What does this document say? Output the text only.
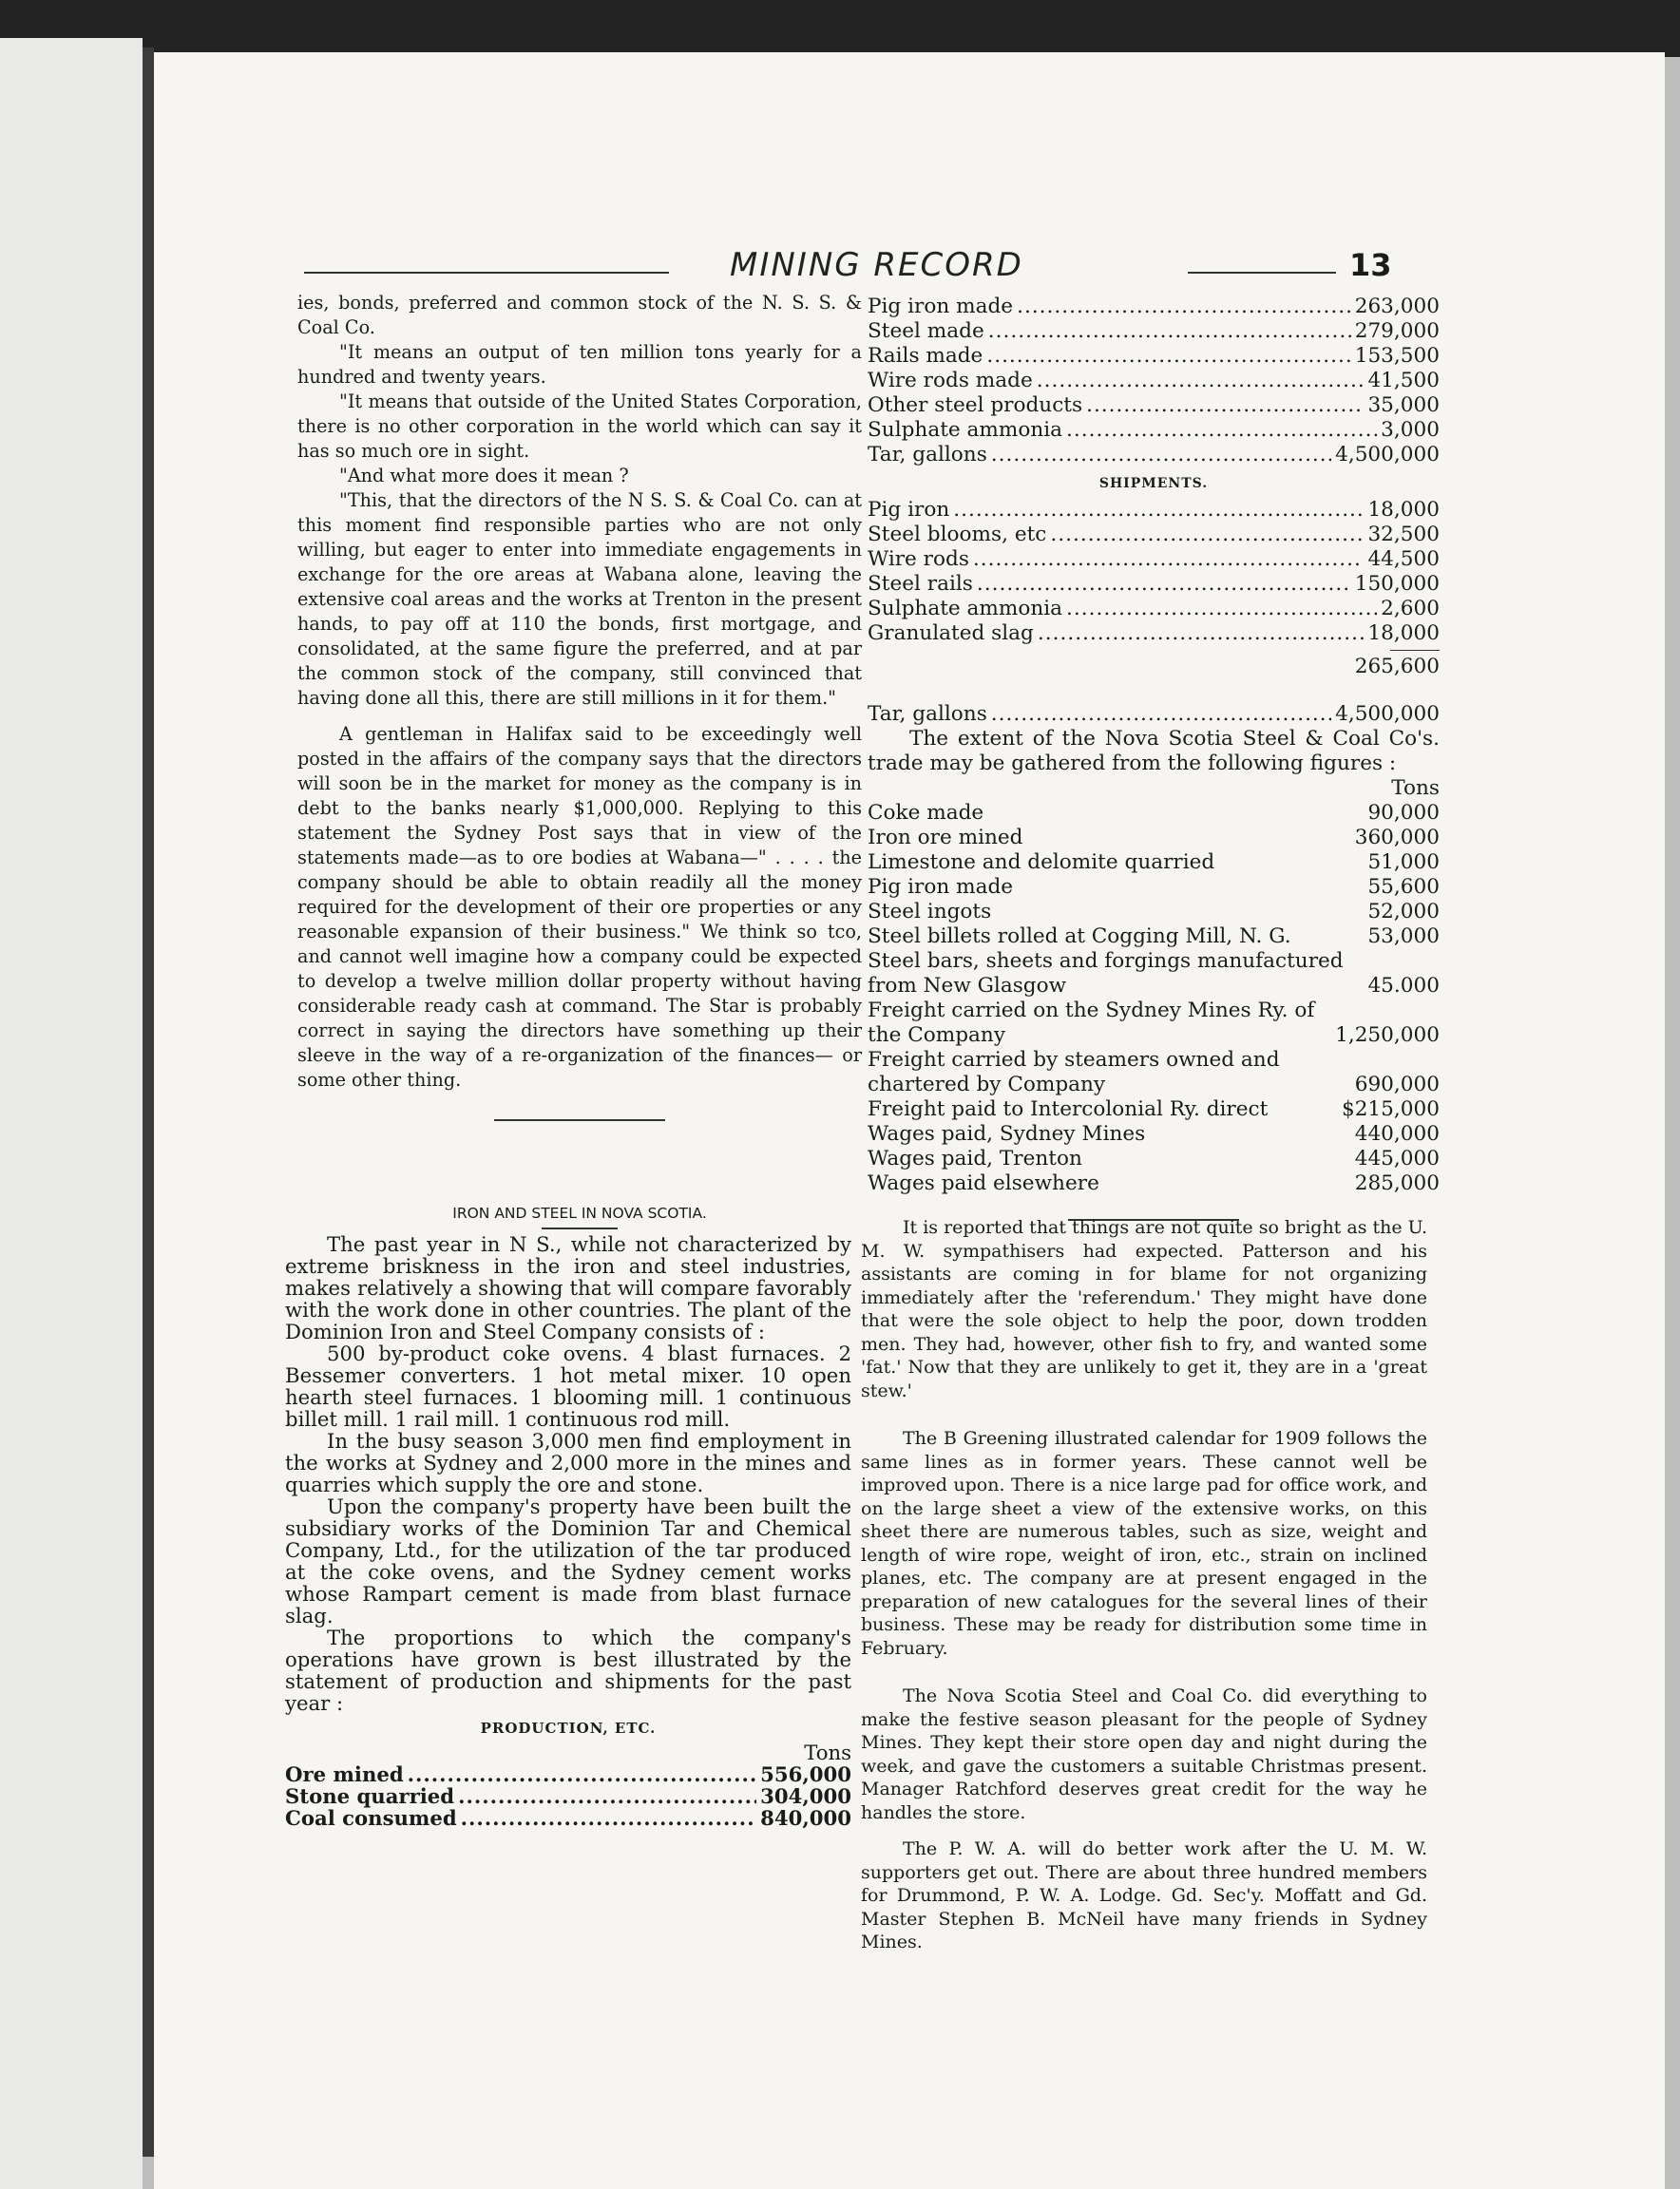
MINING RECORD	13

ies, bonds, preferred and common stock of the N. S. S. & Coal Co.

"It means an output of ten million tons yearly for a hundred and twenty years.

"It means that outside of the United States Corporation, there is no other corporation in the world which can say it has so much ore in sight.

"And what more does it mean ?

"This, that the directors of the N S. S. & Coal Co. can at this moment find responsible parties who are not only willing, but eager to enter into immediate engagements in exchange for the ore areas at Wabana alone, leaving the extensive coal areas and the works at Trenton in the present hands, to pay off at 110 the bonds, first mortgage, and consolidated, at the same figure the preferred, and at par the common stock of the company, still convinced that having done all this, there are still millions in it for them."

A gentleman in Halifax said to be exceedingly well posted in the affairs of the company says that the directors will soon be in the market for money as the company is in debt to the banks nearly $1,000,000. Replying to this statement the Sydney Post says that in view of the statements made—as to ore bodies at Wabana—" . . . . the company should be able to obtain readily all the money required for the development of their ore properties or any reasonable expansion of their business." We think so tco, and cannot well imagine how a company could be expected to develop a twelve million dollar property without having considerable ready cash at command. The Star is probably correct in saying the directors have something up their sleeve in the way of a re-organization of the finances— or some other thing.

IRON AND STEEL IN NOVA SCOTIA.

The past year in N S., while not characterized by extreme briskness in the iron and steel industries, makes relatively a showing that will compare favorably with the work done in other countries. The plant of the Dominion Iron and Steel Company consists of :

500 by-product coke ovens. 4 blast furnaces. 2 Bessemer converters. 1 hot metal mixer. 10 open hearth steel furnaces. 1 blooming mill. 1 continuous billet mill. 1 rail mill. 1 continuous rod mill.

In the busy season 3,000 men find employment in the works at Sydney and 2,000 more in the mines and quarries which supply the ore and stone.

Upon the company's property have been built the subsidiary works of the Dominion Tar and Chemical Company, Ltd., for the utilization of the tar produced at the coke ovens, and the Sydney cement works whose Rampart cement is made from blast furnace slag.

The proportions to which the company's operations have grown is best illustrated by the statement of production and shipments for the past year :

PRODUCTION, ETC.

Tons

Ore mined .....	556,000
Stone quarried .....	304,000
Coal consumed .....	840,000
Pig iron made .....	263,000
Steel made .....	279,000
Rails made .....	153,500
Wire rods made .....	41,500
Other steel products .....	35,000
Sulphate ammonia .....	3,000
Tar, gallons .....	4,500,000

SHIPMENTS.

Pig iron .....	18,000
Steel blooms, etc .....	32,500
Wire rods .....	44,500
Steel rails .....	150,000
Sulphate ammonia .....	2,600
Granulated slag .....	18,000
265,600
Tar, gallons .....	4,500,000

The extent of the Nova Scotia Steel & Coal Co's. trade may be gathered from the following figures :

Tons

Coke made	90,000
Iron ore mined	360,000
Limestone and delomite quarried	51,000
Pig iron made	55,600
Steel ingots	52,000
Steel billets rolled at Cogging Mill, N. G.	53,000
Steel bars, sheets and forgings manufactured from New Glasgow	45.000
Freight carried on the Sydney Mines Ry. of the Company	1,250,000
Freight carried by steamers owned and chartered by Company	690,000
Freight paid to Intercolonial Ry. direct	$215,000
Wages paid, Sydney Mines	440,000
Wages paid, Trenton	445,000
Wages paid elsewhere	285,000

It is reported that things are not quite so bright as the U. M. W. sympathisers had expected. Patterson and his assistants are coming in for blame for not organizing immediately after the 'referendum.' They might have done that were the sole object to help the poor, down trodden men. They had, however, other fish to fry, and wanted some 'fat.' Now that they are unlikely to get it, they are in a 'great stew.'

The B Greening illustrated calendar for 1909 follows the same lines as in former years. These cannot well be improved upon. There is a nice large pad for office work, and on the large sheet a view of the extensive works, on this sheet there are numerous tables, such as size, weight and length of wire rope, weight of iron, etc., strain on inclined planes, etc. The company are at present engaged in the preparation of new catalogues for the several lines of their business. These may be ready for distribution some time in February.

The Nova Scotia Steel and Coal Co. did everything to make the festive season pleasant for the people of Sydney Mines. They kept their store open day and night during the week, and gave the customers a suitable Christmas present. Manager Ratchford deserves great credit for the way he handles the store.

The P. W. A. will do better work after the U. M. W. supporters get out. There are about three hundred members for Drummond, P. W. A. Lodge. Gd. Sec'y. Moffatt and Gd. Master Stephen B. McNeil have many friends in Sydney Mines.
